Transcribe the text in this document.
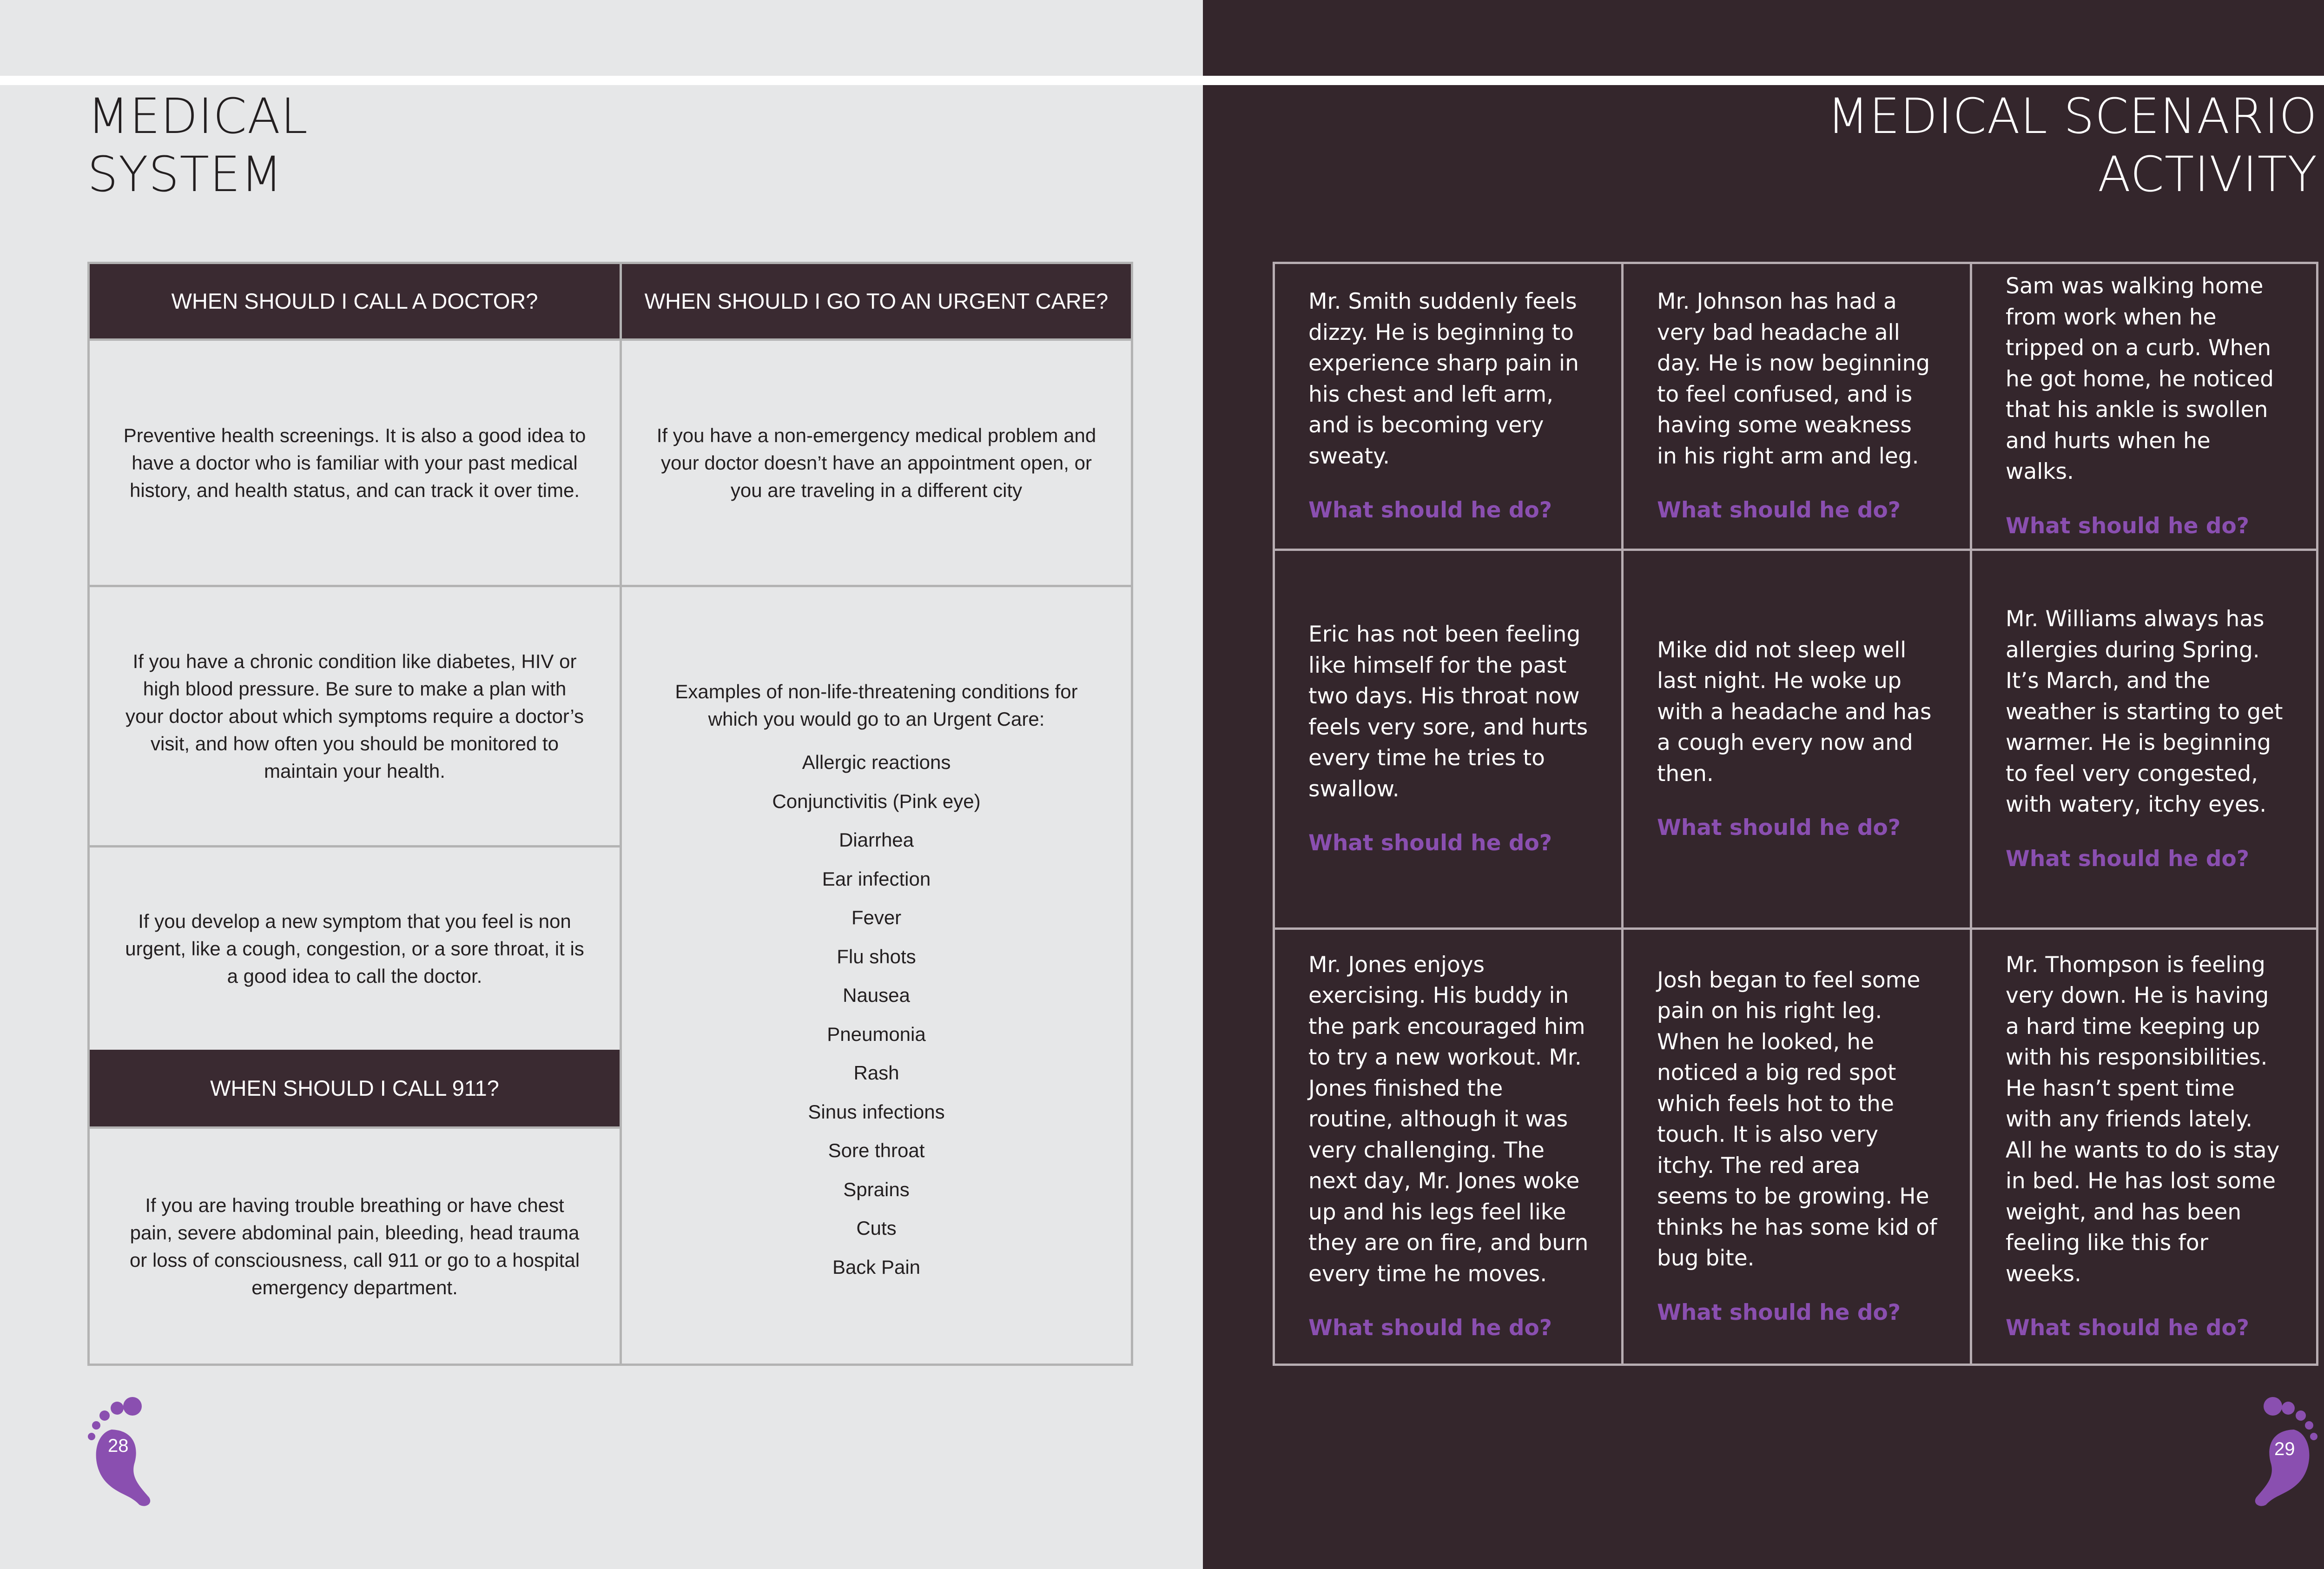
MEDICAL
SYSTEM
WHEN SHOULD I CALL A DOCTOR?	WHEN SHOULD I GO TO AN URGENT CARE?
Preventive health screenings. It is also a good idea to have a doctor who is familiar with your past medical history, and health status, and can track it over time.
If you have a chronic condition like diabetes, HIV or high blood pressure. Be sure to make a plan with your doctor about which symptoms require a doctor’s visit, and how often you should be monitored to maintain your health.
If you develop a new symptom that you feel is non urgent, like a cough, congestion, or a sore throat, it is a good idea to call the doctor.
WHEN SHOULD I CALL 911?
If you are having trouble breathing or have chest pain, severe abdominal pain, bleeding, head trauma or loss of consciousness, call 911 or go to a hospital emergency department.
If you have a non-emergency medical problem and your doctor doesn’t have an appointment open, or you are traveling in a different city
Examples of non-life-threatening conditions for which you would go to an Urgent Care:
Allergic reactions
Conjunctivitis (Pink eye)
Diarrhea
Ear infection
Fever
Flu shots
Nausea
Pneumonia
Rash
Sinus infections
Sore throat
Sprains
Cuts
Back Pain
28
MEDICAL SCENARIO
ACTIVITY
Mr. Smith suddenly feels dizzy. He is beginning to experience sharp pain in his chest and left arm, and is becoming very sweaty.
What should he do?
Mr. Johnson has had a very bad headache all day. He is now beginning to feel confused, and is having some weakness in his right arm and leg.
What should he do?
Sam was walking home from work when he tripped on a curb. When he got home, he noticed that his ankle is swollen and hurts when he walks.
What should he do?
Eric has not been feeling like himself for the past two days. His throat now feels very sore, and hurts every time he tries to swallow.
What should he do?
Mike did not sleep well last night. He woke up with a headache and has a cough every now and then.
What should he do?
Mr. Williams always has allergies during Spring. It’s March, and the weather is starting to get warmer. He is beginning to feel very congested, with watery, itchy eyes.
What should he do?
Mr. Jones enjoys exercising. His buddy in the park encouraged him to try a new workout. Mr. Jones finished the routine, although it was very challenging. The next day, Mr. Jones woke up and his legs feel like they are on fire, and burn every time he moves.
What should he do?
Josh began to feel some pain on his right leg. When he looked, he noticed a big red spot which feels hot to the touch. It is also very itchy. The red area seems to be growing. He thinks he has some kid of bug bite.
What should he do?
Mr. Thompson is feeling very down. He is having a hard time keeping up with his responsibilities. He hasn’t spent time with any friends lately. All he wants to do is stay in bed. He has lost some weight, and has been feeling like this for weeks.
What should he do?
29
